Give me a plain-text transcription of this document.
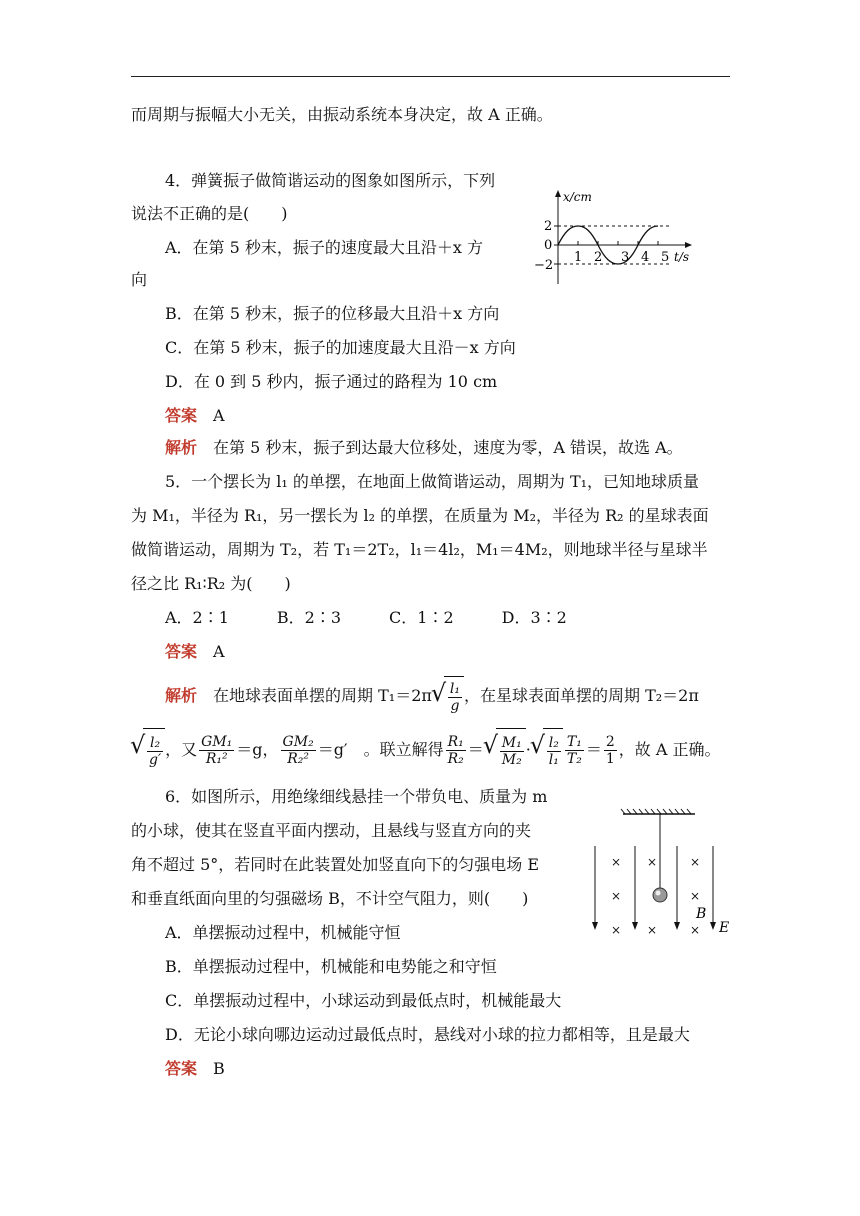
而周期与振幅大小无关，由振动系统本身决定，故 A 正确。
4．弹簧振子做简谐运动的图象如图所示，下列
说法不正确的是(　　)
A．在第 5 秒末，振子的速度最大且沿＋x 方
向
B．在第 5 秒末，振子的位移最大且沿＋x 方向
C．在第 5 秒末，振子的加速度最大且沿－x 方向
D．在 0 到 5 秒内，振子通过的路程为 10 cm
答案　 A
解析　 在第 5 秒末，振子到达最大位移处，速度为零，A 错误，故选 A。
x/cm
2
0
−2
1 2 3 4 5 t/s
5．一个摆长为 l₁ 的单摆，在地面上做简谐运动，周期为 T₁，已知地球质量
为 M₁，半径为 R₁，另一摆长为 l₂ 的单摆，在质量为 M₂，半径为 R₂ 的星球表面
做简谐运动，周期为 T₂，若 T₁＝2T₂，l₁＝4l₂，M₁＝4M₂，则地球半径与星球半
径之比 R₁∶R₂ 为(　　)
A．2∶1　　　B．2∶3　　　C．1∶2　　　D．3∶2
答案　 A
解析　 在地球表面单摆的周期 T₁＝2π √ $\frac{\text{l₁}}{g}$ ，在星球表面单摆的周期 T₂＝2π
√ $\frac{\text{l₂}}{g'}$ ，又 $\frac{\text{GM₁}}{\text{R₁²}} =g$， $\frac{\text{GM₂}}{\text{R₂²}} =g'$　。联立解得 $\frac{\text{R₁}}{\text{R₂}}$ ＝ √ $\frac{\text{M₁}}{\text{M₂}}$ · √ $\frac{\text{l₂}}{\text{l₁}} \frac{\text{T₁}}{\text{T₂}} = \frac{2}{1}$ ，故 A 正确。
6．如图所示，用绝缘细线悬挂一个带负电、质量为 m
的小球，使其在竖直平面内摆动，且悬线与竖直方向的夹
角不超过 5°，若同时在此装置处加竖直向下的匀强电场 E
和垂直纸面向里的匀强磁场 B，不计空气阻力，则(　　)
A．单摆振动过程中，机械能守恒
B．单摆振动过程中，机械能和电势能之和守恒
C．单摆振动过程中，小球运动到最低点时，机械能最大
D．无论小球向哪边运动过最低点时，悬线对小球的拉力都相等，且是最大
答案　 B
× ×	×
×	×
× ×	×
B
E
